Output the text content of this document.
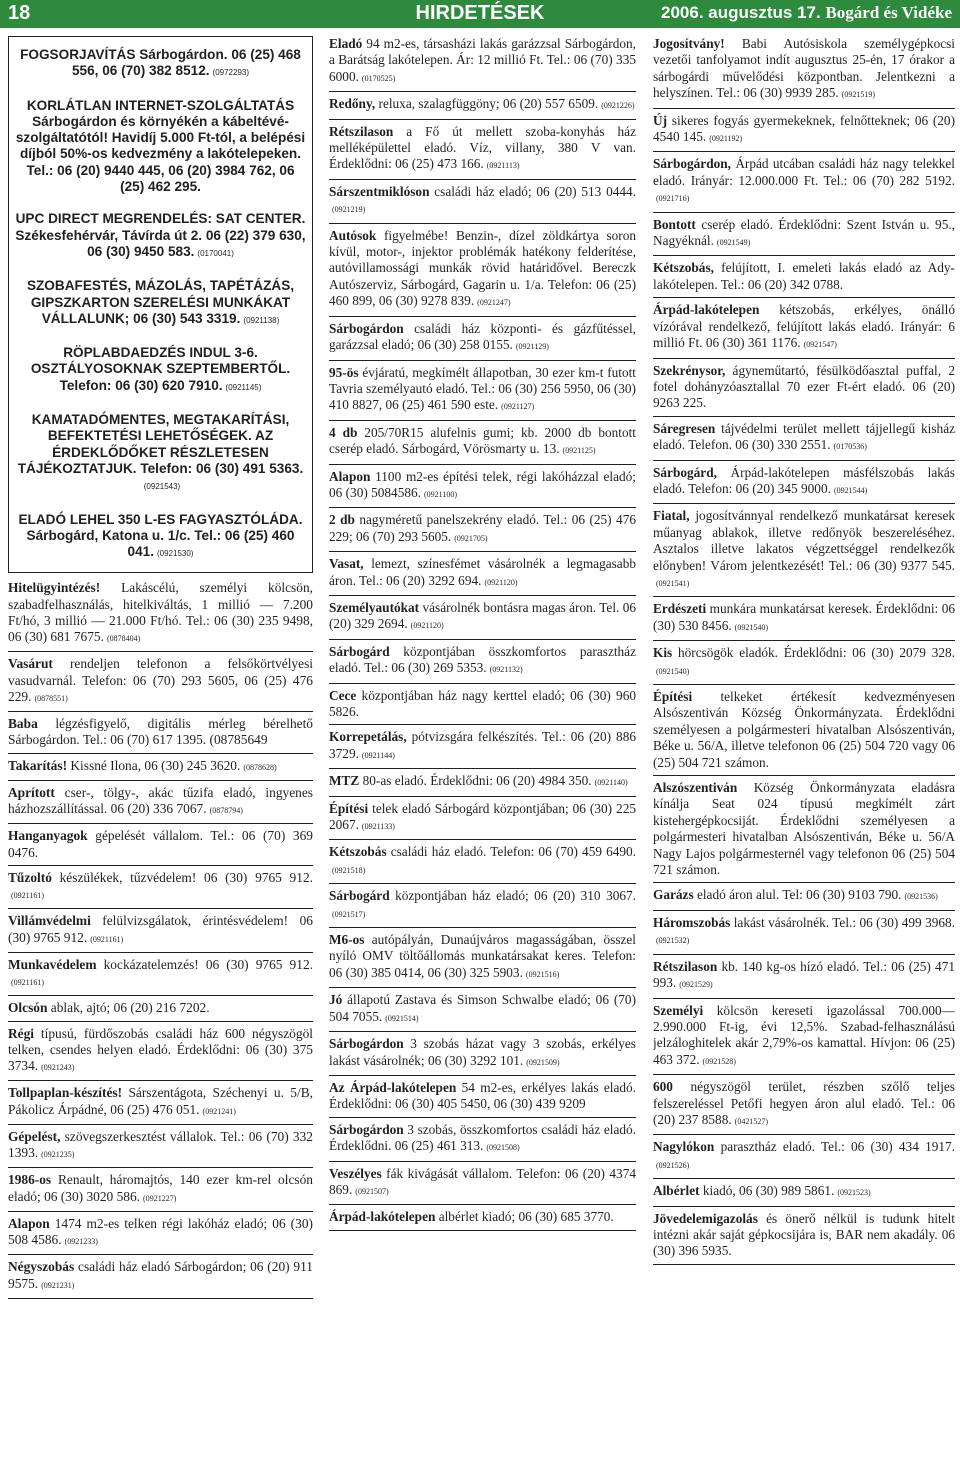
18	HIRDETÉSEK	2006. augusztus 17. Bogárd és Vidéke
FOGSORJAVÍTÁS Sárbogárdon. 06 (25) 468 556, 06 (70) 382 8512. (0972293)
KORLÁTLAN INTERNET-SZOLGÁLTATÁS Sárbogárdon és környékén a kábeltévé-szolgáltatótól! Havidíj 5.000 Ft-tól, a belépési díjból 50%-os kedvezmény a lakótelepeken. Tel.: 06 (20) 9440 445, 06 (20) 3984 762, 06 (25) 462 295.
UPC DIRECT MEGRENDELÉS: SAT CENTER. Székesfehérvár, Távírda út 2. 06 (22) 379 630, 06 (30) 9450 583. (0170041)
SZOBAFESTÉS, MÁZOLÁS, TAPÉTÁZÁS, GIPSZKARTON SZERELÉSI MUNKÁKAT VÁLLALUNK; 06 (30) 543 3319. (0921138)
RÖPLABDAEDZÉS INDUL 3-6. OSZTÁLYOSOKNAK SZEPTEMBERTŐL. Telefon: 06 (30) 620 7910. (0921145)
KAMATADÓMENTES, MEGTAKARÍTÁSI, BEFEKTETÉSI LEHETŐSÉGEK. AZ ÉRDEKLŐDŐKET RÉSZLETESEN TÁJÉKOZTATJUK. Telefon: 06 (30) 491 5363.(0921543)
ELADÓ LEHEL 350 L-ES FAGYASZTÓLÁDA. Sárbogárd, Katona u. 1/c. Tel.: 06 (25) 460 041. (0921530)

Hitelügyintézés! Lakáscélú, személyi kölcsön, szabadfelhasználás, hitelkiváltás, 1 millió — 7.200 Ft/hó, 3 millió — 21.000 Ft/hó. Tel.: 06 (30) 235 9498, 06 (30) 681 7675. (0878404)

Vasárut rendeljen telefonon a felsőkörtvélyesi vasudvarnál. Telefon: 06 (70) 293 5605, 06 (25) 476 229. (0878551)

Baba légzésfigyelő, digitális mérleg bérelhető Sárbogárdon. Tel.: 06 (70) 617 1395. (08785649

Takarítás! Kissné Ilona, 06 (30) 245 3620. (0878628)

Aprított cser-, tölgy-, akác tűzifa eladó, ingyenes házhozszállítással. 06 (20) 336 7067. (0878794)

Hanganyagok gépelését vállalom. Tel.: 06 (70) 369 0476.

Tűzoltó készülékek, tűzvédelem! 06 (30) 9765 912.(0921161)

Villámvédelmi felülvizsgálatok, érintésvédelem! 06 (30) 9765 912. (0921161)

Munkavédelem kockázatelemzés! 06 (30) 9765 912.(0921161)

Olcsón ablak, ajtó; 06 (20) 216 7202.

Régi típusú, fürdőszobás családi ház 600 négyszögöl telken, csendes helyen eladó. Érdeklődni: 06 (30) 375 3734. (0921243)

Tollpaplan-készítés! Sárszentágota, Széchenyi u. 5/B, Pákolicz Árpádné, 06 (25) 476 051. (0921241)

Gépelést, szövegszerkesztést vállalok. Tel.: 06 (70) 332 1393. (0921235)

1986-os Renault, háromajtós, 140 ezer km-rel olcsón eladó; 06 (30) 3020 586. (0921227)

Alapon 1474 m2-es telken régi lakóház eladó; 06 (30) 508 4586. (0921233)

Négyszobás családi ház eladó Sárbogárdon; 06 (20) 911 9575. (0921231)

Eladó 94 m2-es, társasházi lakás garázzsal Sárbogárdon, a Barátság lakótelepen. Ár: 12 millió Ft. Tel.: 06 (70) 335 6000. (0170525)

Redőny, reluxa, szalagfüggöny; 06 (20) 557 6509. (0921226)

Rétszilason a Fő út mellett szoba-konyhás ház melléképülettel eladó. Víz, villany, 380 V van. Érdeklődni: 06 (25) 473 166. (0921113)

Sárszentmiklóson családi ház eladó; 06 (20) 513 0444.(0921219)

Autósok figyelmébe! Benzin-, dízel zöldkártya soron kívül, motor-, injektor problémák hatékony felderítése, autóvillamossági munkák rövid határidővel. Bereczk Autószerviz, Sárbogárd, Gagarin u. 1/a. Telefon: 06 (25) 460 899, 06 (30) 9278 839. (0921247)

Sárbogárdon családi ház központi- és gázfűtéssel, garázzsal eladó; 06 (30) 258 0155. (0921129)

95-ös évjáratú, megkímélt állapotban, 30 ezer km-t futott Tavria személyautó eladó. Tel.: 06 (30) 256 5950, 06 (30) 410 8827, 06 (25) 461 590 este. (0921127)

4 db 205/70R15 alufelnis gumi; kb. 2000 db bontott cserép eladó. Sárbogárd, Vörösmarty u. 13. (0921125)

Alapon 1100 m2-es építési telek, régi lakóházzal eladó; 06 (30) 5084586. (0921100)

2 db nagyméretű panelszekrény eladó. Tel.: 06 (25) 476 229; 06 (70) 293 5605. (0921705)

Vasat, lemezt, színesfémet vásárolnék a legmagasabb áron. Tel.: 06 (20) 3292 694. (0921120)

Személyautókat vásárolnék bontásra magas áron. Tel. 06 (20) 329 2694. (0921120)

Sárbogárd központjában összkomfortos parasztház eladó. Tel.: 06 (30) 269 5353. (0921132)

Cece központjában ház nagy kerttel eladó; 06 (30) 960 5826.

Korrepetálás, pótvizsgára felkészítés. Tel.: 06 (20) 886 3729. (0921144)

MTZ 80-as eladó. Érdeklődni: 06 (20) 4984 350. (0921140)

Építési telek eladó Sárbogárd központjában; 06 (30) 225 2067. (0921133)

Kétszobás családi ház eladó. Telefon: 06 (70) 459 6490.(0921518)

Sárbogárd központjában ház eladó; 06 (20) 310 3067.(0921517)

M6-os autópályán, Dunaújváros magasságában, összel nyíló OMV töltőállomás munkatársakat keres. Telefon: 06 (30) 385 0414, 06 (30) 325 5903. (0921516)

Jó állapotú Zastava és Simson Schwalbe eladó; 06 (70) 504 7055. (0921514)

Sárbogárdon 3 szobás házat vagy 3 szobás, erkélyes lakást vásárolnék; 06 (30) 3292 101. (0921509)

Az Árpád-lakótelepen 54 m2-es, erkélyes lakás eladó. Érdeklődni: 06 (30) 405 5450, 06 (30) 439 9209

Sárbogárdon 3 szobás, összkomfortos családi ház eladó. Érdeklődni. 06 (25) 461 313. (0921508)

Veszélyes fák kivágását vállalom. Telefon: 06 (20) 4374 869. (0921507)

Árpád-lakótelepen albérlet kiadó; 06 (30) 685 3770.

Jogosítvány! Babi Autósiskola személygépkocsi vezetői tanfolyamot indít augusztus 25-én, 17 órakor a sárbogárdi művelődési központban. Jelentkezni a helyszínen. Tel.: 06 (30) 9939 285. (0921519)

Új sikeres fogyás gyermekeknek, felnőtteknek; 06 (20) 4540 145. (0921192)

Sárbogárdon, Árpád utcában családi ház nagy telekkel eladó. Irányár: 12.000.000 Ft. Tel.: 06 (70) 282 5192.(0921716)

Bontott cserép eladó. Érdeklődni: Szent István u. 95., Nagyéknál. (0921549)

Kétszobás, felújított, I. emeleti lakás eladó az Ady-lakótelepen. Tel.: 06 (20) 342 0788.

Árpád-lakótelepen kétszobás, erkélyes, önálló vízórával rendelkező, felújított lakás eladó. Irányár: 6 millió Ft. 06 (30) 361 1176. (0921547)

Szekrénysor, ágyneműtartó, fésülködőasztal puffal, 2 fotel dohányzóasztallal 70 ezer Ft-ért eladó. 06 (20) 9263 225.

Sáregresen tájvédelmi terület mellett tájjellegű kisház eladó. Telefon. 06 (30) 330 2551. (0170536)

Sárbogárd, Árpád-lakótelepen másfélszobás lakás eladó. Telefon: 06 (20) 345 9000. (0921544)

Fiatal, jogosítvánnyal rendelkező munkatársat keresek műanyag ablakok, illetve redőnyök beszereléséhez. Asztalos illetve lakatos végzettséggel rendelkezők előnyben! Várom jelentkezését! Tel.: 06 (30) 9377 545.(0921541)

Erdészeti munkára munkatársat keresek. Érdeklődni: 06 (30) 530 8456. (0921540)

Kis hörcsögök eladók. Érdeklődni: 06 (30) 2079 328.(0921540)

Építési telkeket értékesít kedvezményesen Alsószentiván Község Önkormányzata. Érdeklődni személyesen a polgármesteri hivatalban Alsószentiván, Béke u. 56/A, illetve telefonon 06 (25) 504 720 vagy 06 (25) 504 721 számon.

Alszószentiván Község Önkormányzata eladásra kínálja Seat 024 típusú megkímélt zárt kistehergépkocsiját. Érdeklődni személyesen a polgármesteri hivatalban Alsószentiván, Béke u. 56/A Nagy Lajos polgármesternél vagy telefonon 06 (25) 504 721 számon.

Garázs eladó áron alul. Tel: 06 (30) 9103 790. (0921536)

Háromszobás lakást vásárolnék. Tel.: 06 (30) 499 3968.(0921532)

Rétszilason kb. 140 kg-os hízó eladó. Tel.: 06 (25) 471 993. (0921529)

Személyi kölcsön kereseti igazolással 700.000—2.990.000 Ft-ig, évi 12,5%. Szabad-felhasználású jelzáloghitelek akár 2,79%-os kamattal. Hívjon: 06 (25) 463 372. (0921528)

600 négyszögöl terület, részben szőlő teljes felszereléssel Petőfi hegyen áron alul eladó. Tel.: 06 (20) 237 8588. (0421527)

Nagylókon parasztház eladó. Tel.: 06 (30) 434 1917.(0921526)

Albérlet kiadó, 06 (30) 989 5861. (0921523)

Jövedelemigazolás és önerő nélkül is tudunk hitelt intézni akár saját gépkocsijára is, BAR nem akadály. 06 (30) 396 5935.
